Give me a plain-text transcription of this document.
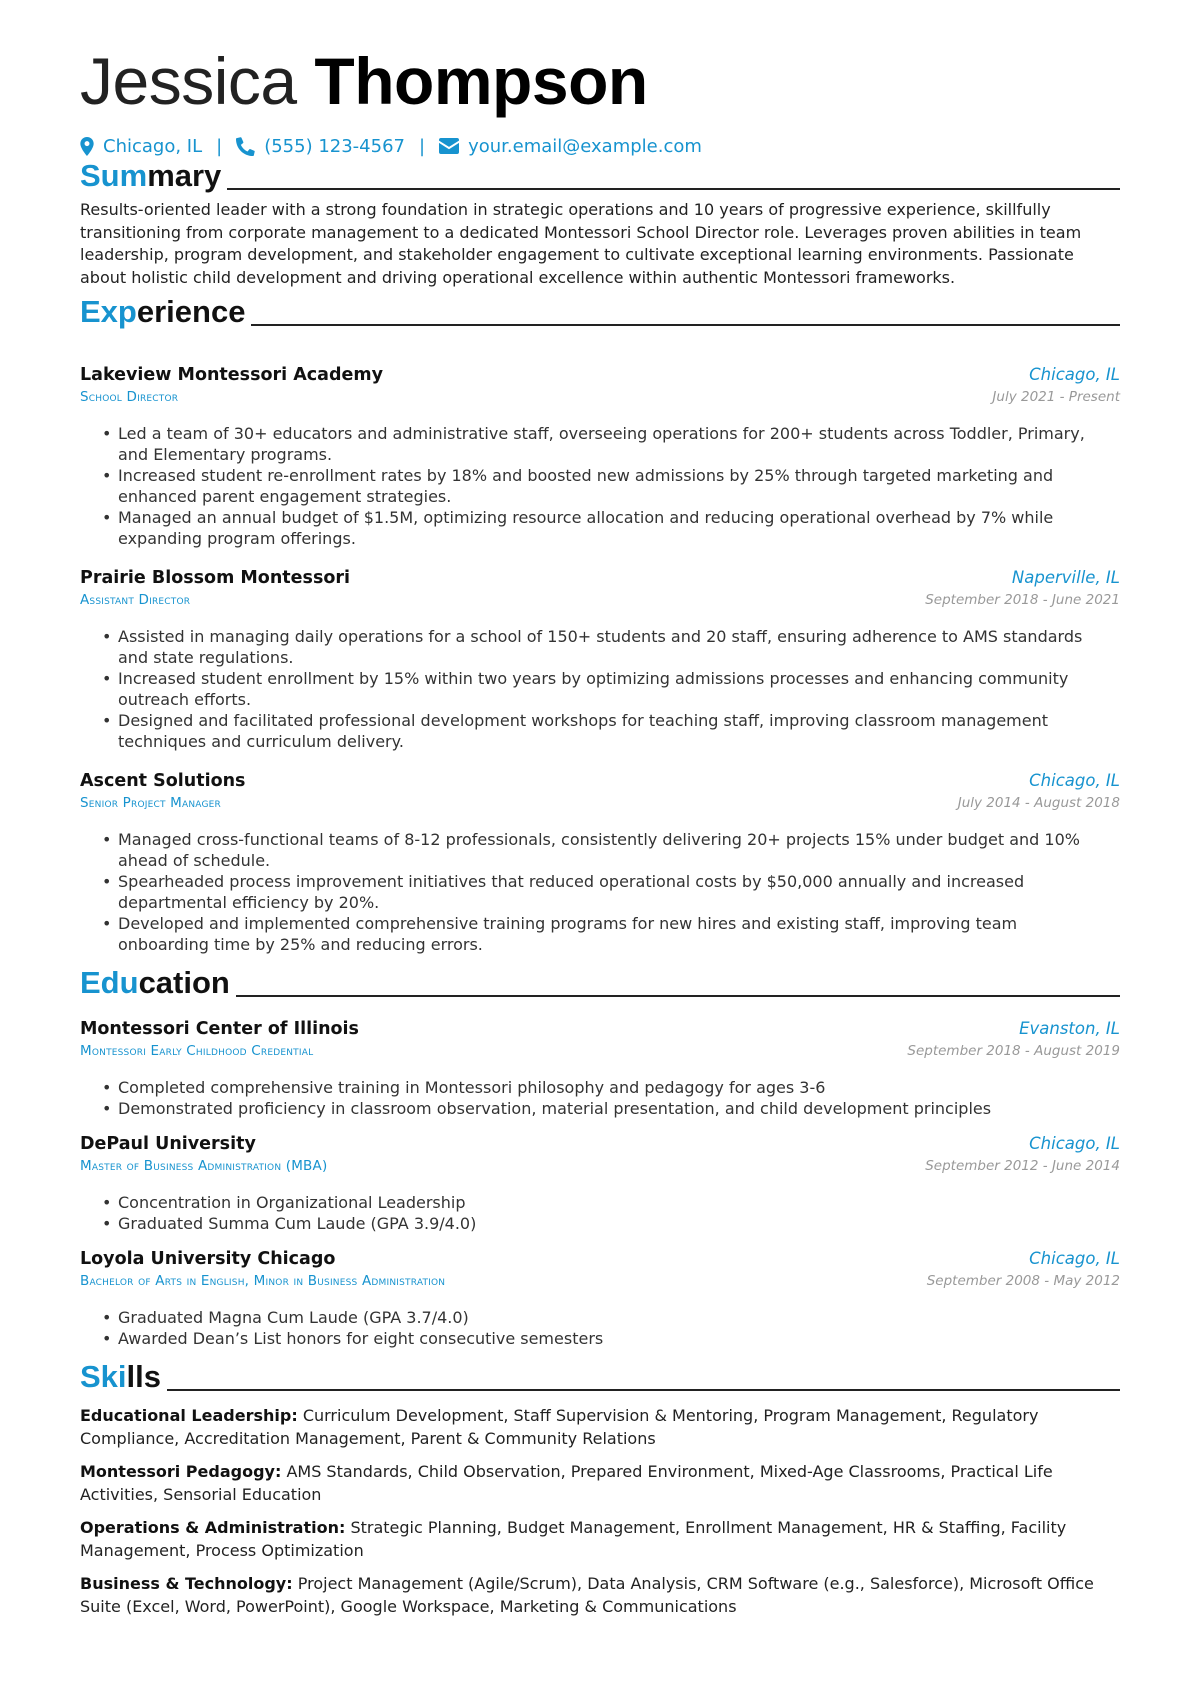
Jessica Thompson
Chicago, IL | (555) 123-4567 | your.email@example.com
Summary
Results-oriented leader with a strong foundation in strategic operations and 10 years of progressive experience, skillfully transitioning from corporate management to a dedicated Montessori School Director role. Leverages proven abilities in team leadership, program development, and stakeholder engagement to cultivate exceptional learning environments. Passionate about holistic child development and driving operational excellence within authentic Montessori frameworks.
Experience
Lakeview Montessori Academy	Chicago, IL
School Director	July 2021 - Present
• Led a team of 30+ educators and administrative staff, overseeing operations for 200+ students across Toddler, Primary, and Elementary programs.
• Increased student re-enrollment rates by 18% and boosted new admissions by 25% through targeted marketing and enhanced parent engagement strategies.
• Managed an annual budget of $1.5M, optimizing resource allocation and reducing operational overhead by 7% while expanding program offerings.
Prairie Blossom Montessori	Naperville, IL
Assistant Director	September 2018 - June 2021
• Assisted in managing daily operations for a school of 150+ students and 20 staff, ensuring adherence to AMS standards and state regulations.
• Increased student enrollment by 15% within two years by optimizing admissions processes and enhancing community outreach efforts.
• Designed and facilitated professional development workshops for teaching staff, improving classroom management techniques and curriculum delivery.
Ascent Solutions	Chicago, IL
Senior Project Manager	July 2014 - August 2018
• Managed cross-functional teams of 8-12 professionals, consistently delivering 20+ projects 15% under budget and 10% ahead of schedule.
• Spearheaded process improvement initiatives that reduced operational costs by $50,000 annually and increased departmental efficiency by 20%.
• Developed and implemented comprehensive training programs for new hires and existing staff, improving team onboarding time by 25% and reducing errors.
Education
Montessori Center of Illinois	Evanston, IL
Montessori Early Childhood Credential	September 2018 - August 2019
• Completed comprehensive training in Montessori philosophy and pedagogy for ages 3-6
• Demonstrated proficiency in classroom observation, material presentation, and child development principles
DePaul University	Chicago, IL
Master of Business Administration (MBA)	September 2012 - June 2014
• Concentration in Organizational Leadership
• Graduated Summa Cum Laude (GPA 3.9/4.0)
Loyola University Chicago	Chicago, IL
Bachelor of Arts in English, Minor in Business Administration	September 2008 - May 2012
• Graduated Magna Cum Laude (GPA 3.7/4.0)
• Awarded Dean’s List honors for eight consecutive semesters
Skills
Educational Leadership: Curriculum Development, Staff Supervision & Mentoring, Program Management, Regulatory Compliance, Accreditation Management, Parent & Community Relations
Montessori Pedagogy: AMS Standards, Child Observation, Prepared Environment, Mixed-Age Classrooms, Practical Life Activities, Sensorial Education
Operations & Administration: Strategic Planning, Budget Management, Enrollment Management, HR & Staffing, Facility Management, Process Optimization
Business & Technology: Project Management (Agile/Scrum), Data Analysis, CRM Software (e.g., Salesforce), Microsoft Office Suite (Excel, Word, PowerPoint), Google Workspace, Marketing & Communications
